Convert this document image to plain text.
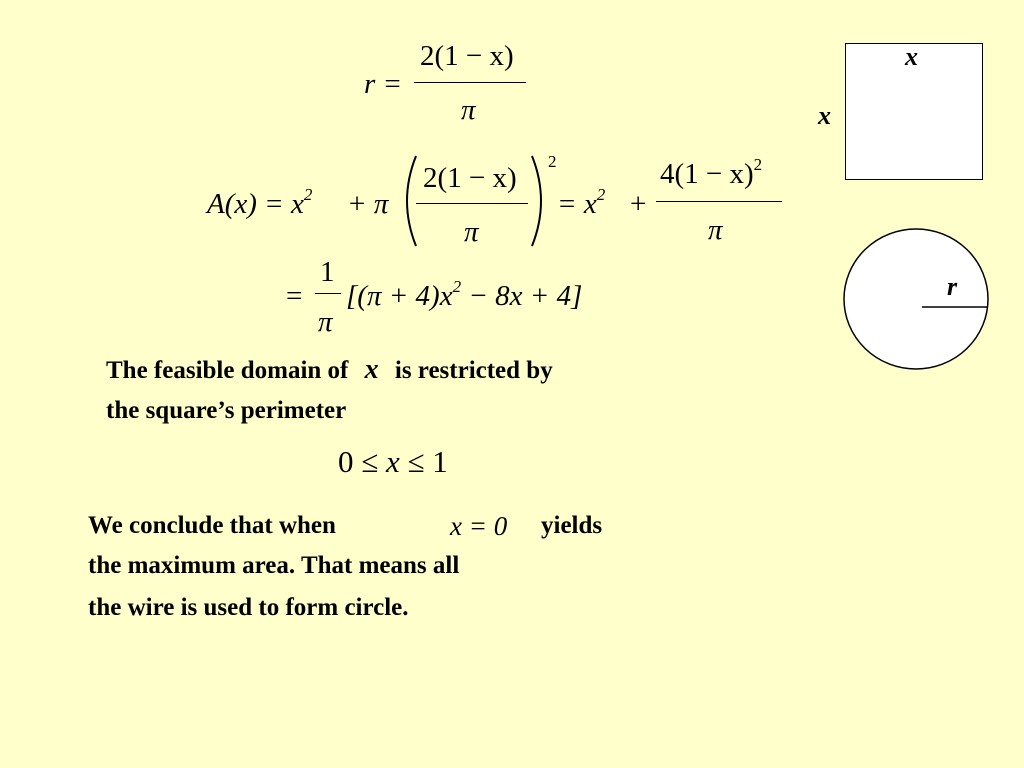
r =
2(1 − x)
π
$A(x) = x^2 + \pi$
2(1 − x)
π
2
= $x^2$ +
$4(1 - x)^2$
π
=
1
π
$[(\pi + 4)x^2 - 8x + 4]$
The feasible domain of x is restricted by
the square’s perimeter
0 ≤ x ≤ 1
We conclude that when	x = 0 yields
the maximum area. That means all
the wire is used to form circle.
x
x
r
